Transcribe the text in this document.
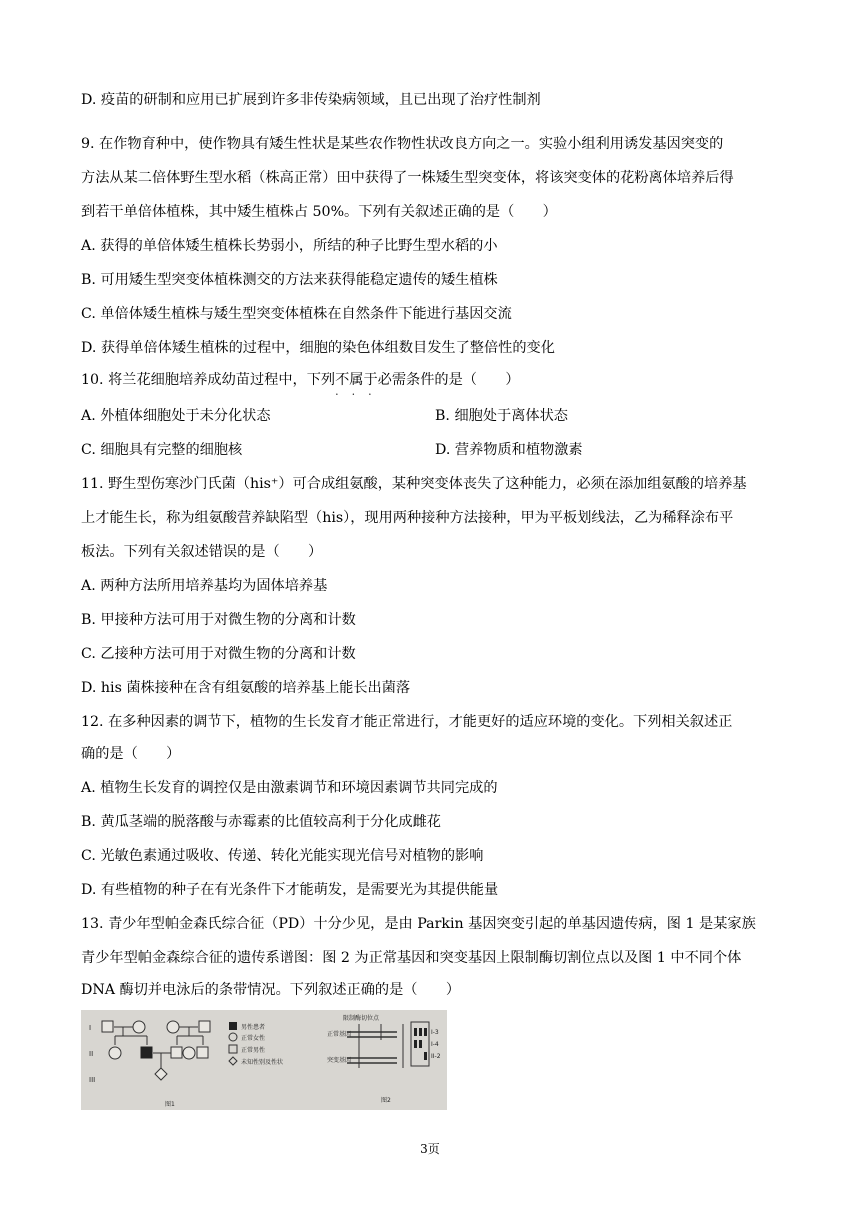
D. 疫苗的研制和应用已扩展到许多非传染病领域，且已出现了治疗性制剂
9. 在作物育种中，使作物具有矮生性状是某些农作物性状改良方向之一。实验小组利用诱发基因突变的
方法从某二倍体野生型水稻（株高正常）田中获得了一株矮生型突变体，将该突变体的花粉离体培养后得
到若干单倍体植株，其中矮生植株占 50%。下列有关叙述正确的是（　　）
A. 获得的单倍体矮生植株长势弱小，所结的种子比野生型水稻的小
B. 可用矮生型突变体植株测交的方法来获得能稳定遗传的矮生植株
C. 单倍体矮生植株与矮生型突变体植株在自然条件下能进行基因交流
D. 获得单倍体矮生植株的过程中，细胞的染色体组数目发生了整倍性的变化
10. 将兰花细胞培养成幼苗过程中，下列不属于 • • •必需条件的是（　　）
A. 外植体细胞处于未分化状态	B. 细胞处于离体状态
C. 细胞具有完整的细胞核	D. 营养物质和植物激素
11. 野生型伤寒沙门氏菌（his⁺）可合成组氨酸，某种突变体丧失了这种能力，必须在添加组氨酸的培养基
上才能生长，称为组氨酸营养缺陷型（his），现用两种接种方法接种，甲为平板划线法，乙为稀释涂布平
板法。下列有关叙述错误的是（　　）
A. 两种方法所用培养基均为固体培养基
B. 甲接种方法可用于对微生物的分离和计数
C. 乙接种方法可用于对微生物的分离和计数
D. his 菌株接种在含有组氨酸的培养基上能长出菌落
12. 在多种因素的调节下，植物的生长发育才能正常进行，才能更好的适应环境的变化。下列相关叙述正
确的是（　　）
A. 植物生长发育的调控仅是由激素调节和环境因素调节共同完成的
B. 黄瓜茎端的脱落酸与赤霉素的比值较高利于分化成雌花
C. 光敏色素通过吸收、传递、转化光能实现光信号对植物的影响
D. 有些植物的种子在有光条件下才能萌发，是需要光为其提供能量
13. 青少年型帕金森氏综合征（PD）十分少见，是由 Parkin 基因突变引起的单基因遗传病，图 1 是某家族
青少年型帕金森综合征的遗传系谱图：图 2 为正常基因和突变基因上限制酶切割位点以及图 1 中不同个体
DNA 酶切并电泳后的条带情况。下列叙述正确的是（　　）
I
II
III
男性患者
正常女性
正常男性
未知性别及性状
图1
图2
限制酶切位点
正常基因
突变基因
I-3
I-4
II-2
3页
